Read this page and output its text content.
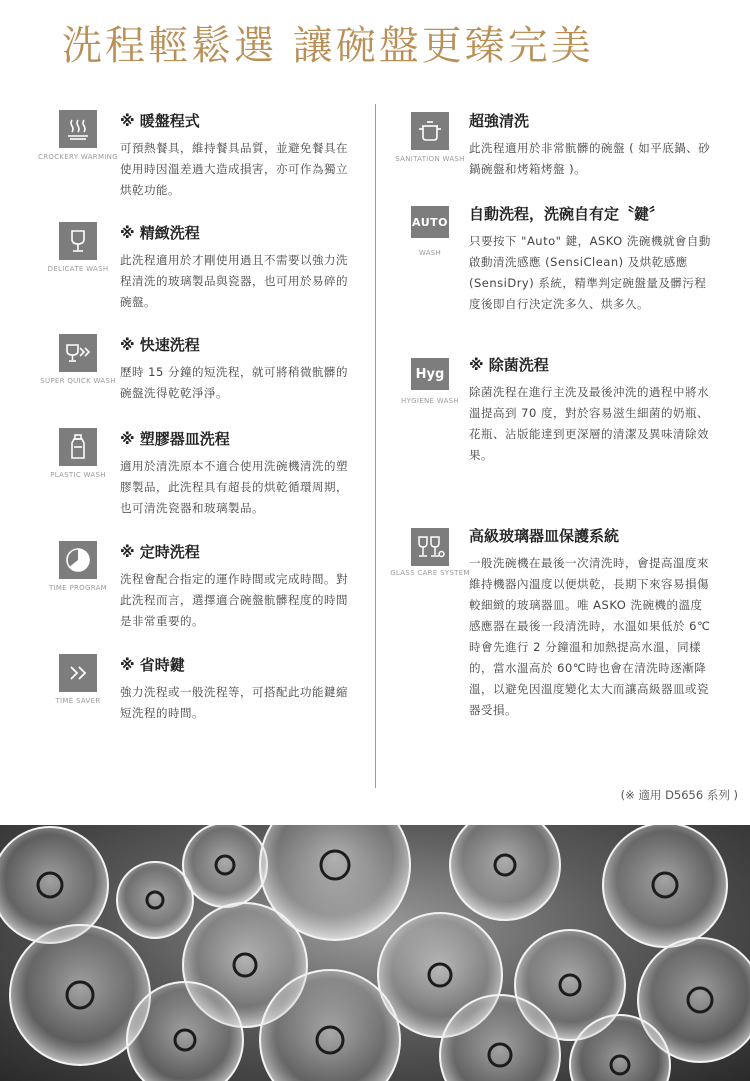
洗程輕鬆選 讓碗盤更臻完美
CROCKERY WARMING
※ 暖盤程式
可預熱餐具，維持餐具品質，並避免餐具在使用時因溫差過大造成損害，亦可作為獨立烘乾功能。
DELICATE WASH
※ 精緻洗程
此洗程適用於才剛使用過且不需要以強力洗程清洗的玻璃製品與瓷器，也可用於易碎的碗盤。
SUPER QUICK WASH
※ 快速洗程
歷時 15 分鐘的短洗程，就可將稍微骯髒的碗盤洗得乾乾淨淨。
PLASTIC WASH
※ 塑膠器皿洗程
適用於清洗原本不適合使用洗碗機清洗的塑膠製品，此洗程具有超長的烘乾循環周期，也可清洗瓷器和玻璃製品。
TIME PROGRAM
※ 定時洗程
洗程會配合指定的運作時間或完成時間。對此洗程而言，選擇適合碗盤骯髒程度的時間是非常重要的。
TIME SAVER
※ 省時鍵
強力洗程或一般洗程等，可搭配此功能鍵縮短洗程的時間。
SANITATION WASH
超強清洗
此洗程適用於非常骯髒的碗盤 ( 如平底鍋、砂鍋碗盤和烤箱烤盤 )。
AUTO
WASH
自動洗程，洗碗自有定〝鍵〞
只要按下 "Auto" 鍵，ASKO 洗碗機就會自動啟動清洗感應 (SensiClean) 及烘乾感應 (SensiDry) 系統，精準判定碗盤量及髒污程度後即自行決定洗多久、烘多久。
Hyg
HYGIENE WASH
※ 除菌洗程
除菌洗程在進行主洗及最後沖洗的過程中將水溫提高到 70 度，對於容易滋生細菌的奶瓶、花瓶、沾版能達到更深層的清潔及異味清除效果。
GLASS CARE SYSTEM
高級玻璃器皿保護系統
一般洗碗機在最後一次清洗時，會提高溫度來維持機器內溫度以便烘乾，長期下來容易損傷較細緻的玻璃器皿。唯 ASKO 洗碗機的溫度感應器在最後一段清洗時，水溫如果低於 6℃時會先進行 2 分鐘溫和加熱提高水溫，同樣的，當水溫高於 60℃時也會在清洗時逐漸降溫，以避免因溫度變化太大而讓高級器皿或瓷器受損。
(※ 適用 D5656 系列 )
